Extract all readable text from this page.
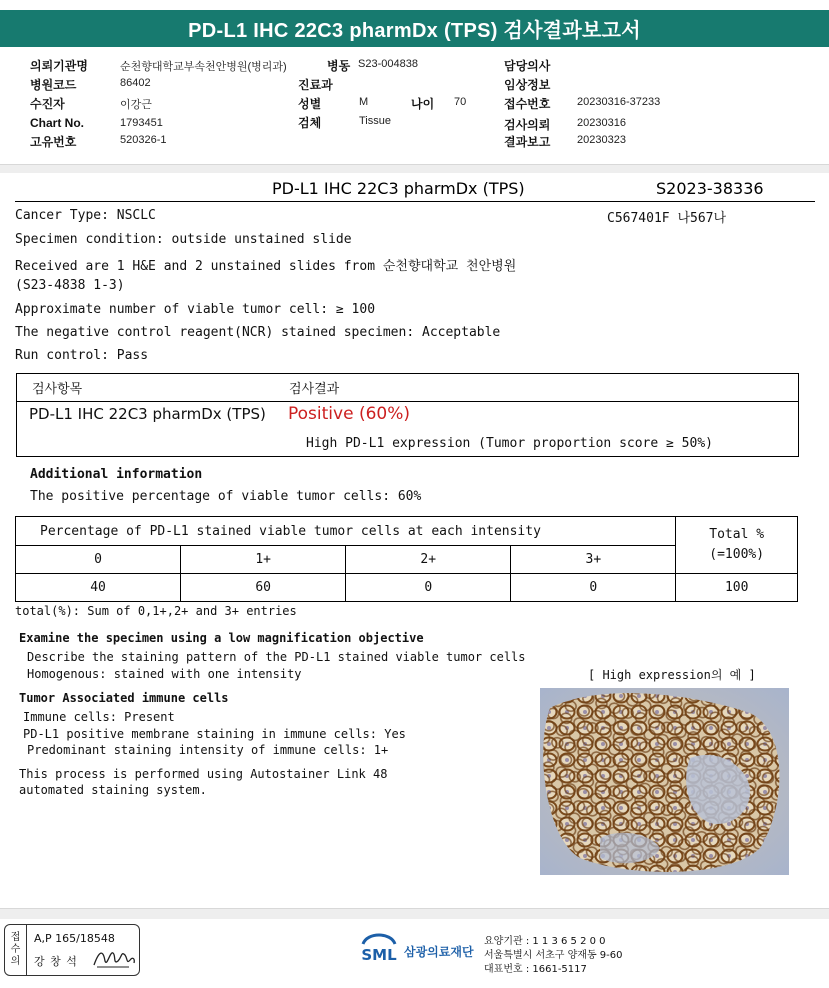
PD-L1 IHC 22C3 pharmDx (TPS) 검사결과보고서
의뢰기관명	순천향대학교부속천안병원(병리과)	병동 S23-004838	담당의사
병원코드	86402	진료과	임상정보
수진자	이강근	성별	M	나이 70	접수번호 20230316-37233
Chart No.	1793451	검체	Tissue	검사의뢰 20230316
고유번호	520326-1	결과보고 20230323
PD-L1 IHC 22C3 pharmDx (TPS)	S2023-38336
Cancer Type: NSCLC	C567401F 나567나
Specimen condition: outside unstained slide
Received are 1 H&E and 2 unstained slides from 순천향대학교 천안병원
(S23-4838 1-3)
Approximate number of viable tumor cell: ≥ 100
The negative control reagent(NCR) stained specimen: Acceptable
Run control: Pass
검사항목	검사결과
PD-L1 IHC 22C3 pharmDx (TPS) Positive (60%)
High PD-L1 expression (Tumor proportion score ≥ 50%)
Additional information
The positive percentage of viable tumor cells: 60%
Percentage of PD-L1 stained viable tumor cells at each intensity				Total %
(=100%)

0	1+	2+	3+	
40	60	0	0	100
total(%): Sum of 0,1+,2+ and 3+ entries
Examine the specimen using a low magnification objective
Describe the staining pattern of the PD-L1 stained viable tumor cells
Homogenous: stained with one intensity	[ High expression의 예 ]
Tumor Associated immune cells
Immune cells: Present
PD-L1 positive membrane staining in immune cells: Yes
Predominant staining intensity of immune cells: 1+
This process is performed using Autostainer Link 48
automated staining system.
접
수
의
A,P 165/18548
강 창 석	SML 삼광의료재단
요양기관 : 1 1 3 6 5 2 0 0
서울특별시 서초구 양재동 9-60
대표번호 : 1661-5117
